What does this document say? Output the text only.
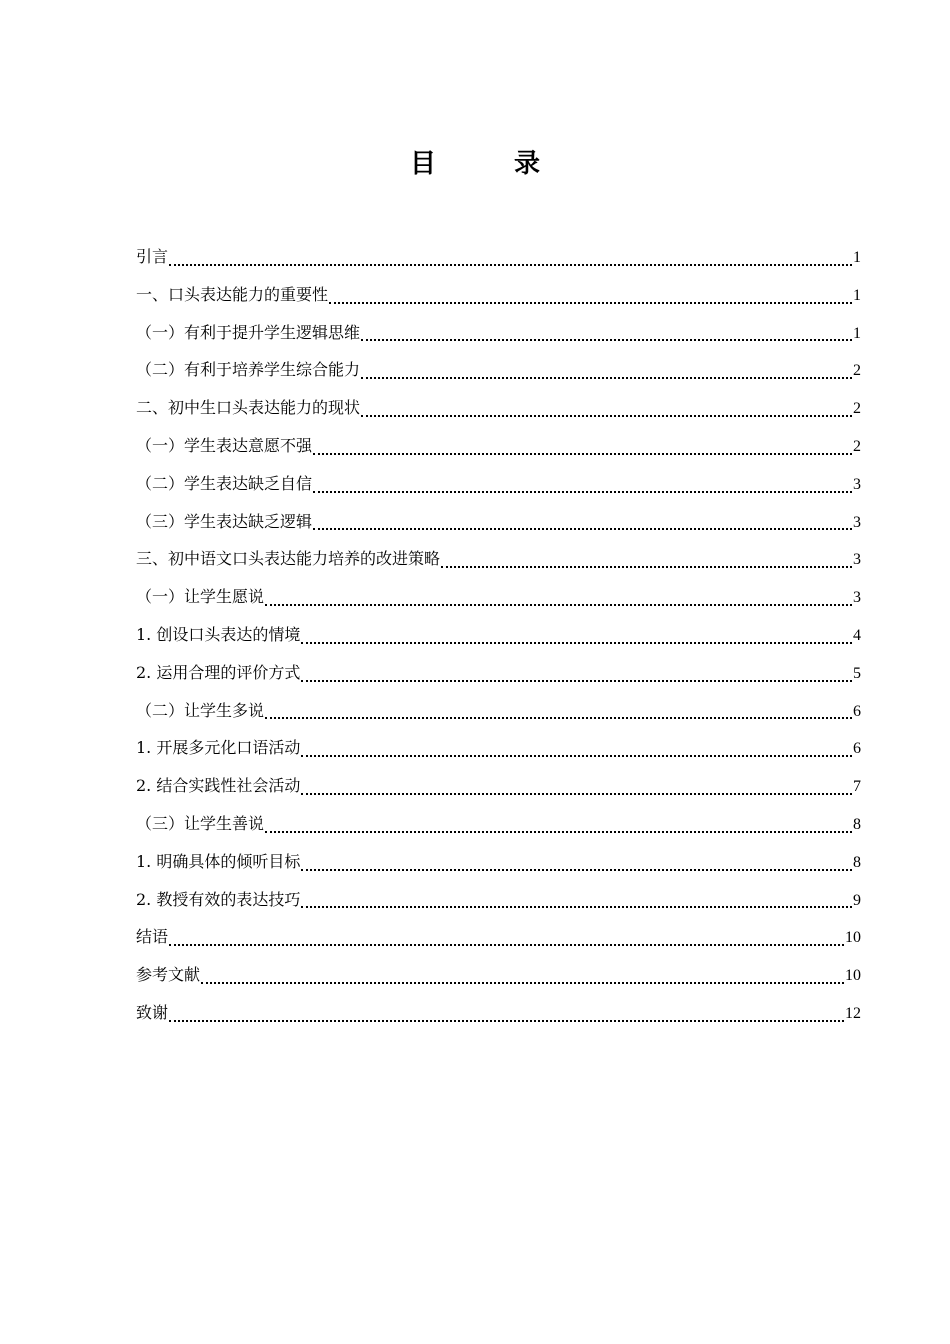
目　录
引言	1
一、口头表达能力的重要性	1
（一）有利于提升学生逻辑思维	1
（二）有利于培养学生综合能力	2
二、初中生口头表达能力的现状	2
（一）学生表达意愿不强	2
（二）学生表达缺乏自信	3
（三）学生表达缺乏逻辑	3
三、初中语文口头表达能力培养的改进策略	3
（一）让学生愿说	3
1. 创设口头表达的情境	4
2. 运用合理的评价方式	5
（二）让学生多说	6
1. 开展多元化口语活动	6
2. 结合实践性社会活动	7
（三）让学生善说	8
1. 明确具体的倾听目标	8
2. 教授有效的表达技巧	9
结语	10
参考文献	10
致谢	12
